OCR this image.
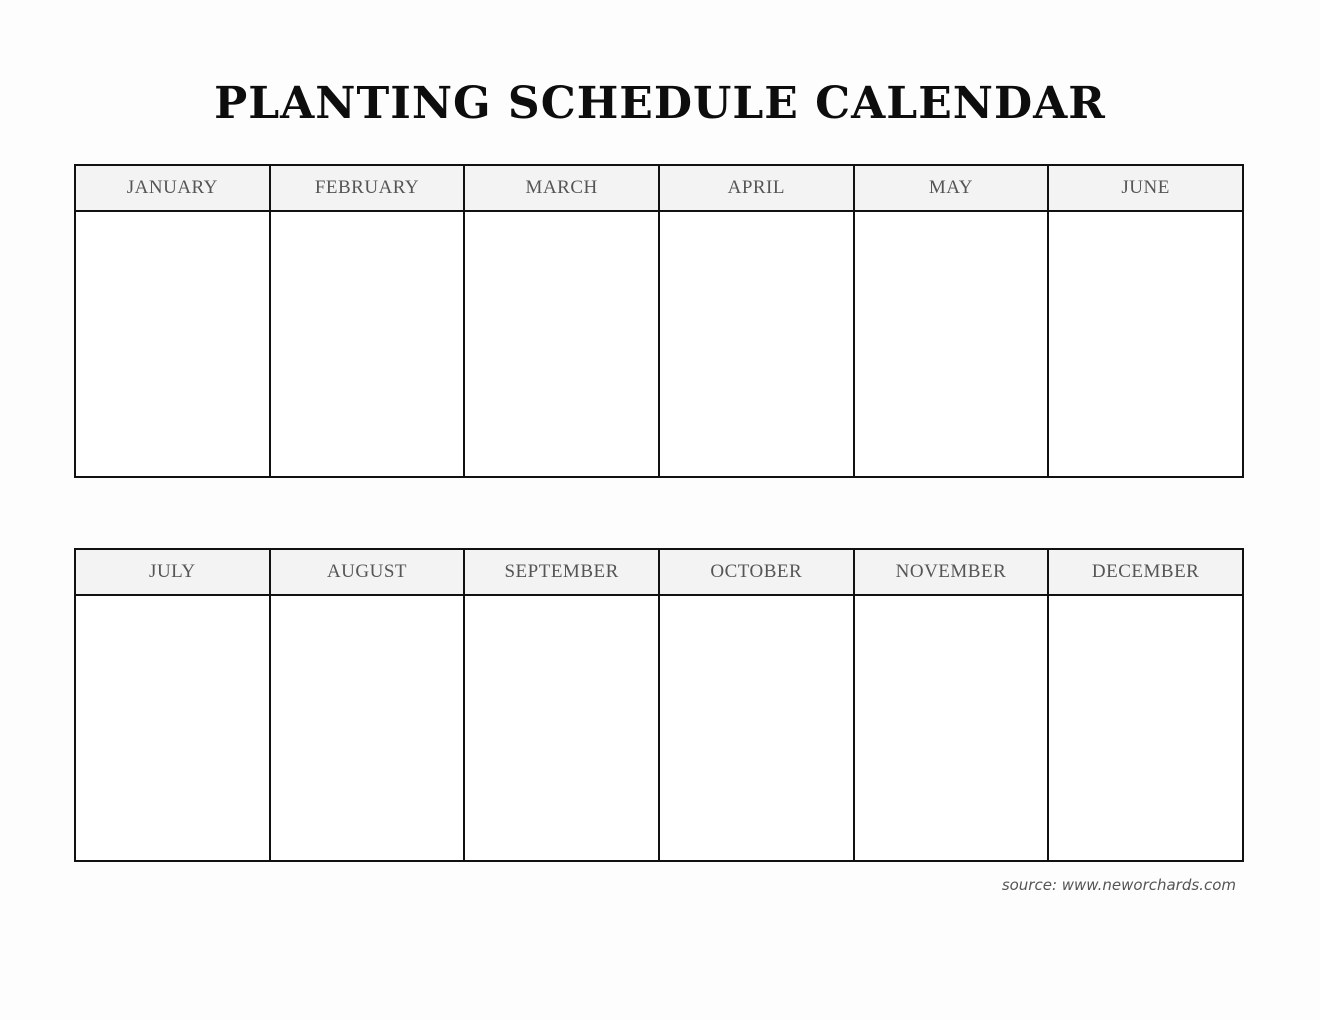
PLANTING SCHEDULE CALENDAR
JANUARY	FEBRUARY	MARCH	APRIL	MAY	JUNE

JULY	AUGUST	SEPTEMBER	OCTOBER	NOVEMBER	DECEMBER

source: www.neworchards.com
